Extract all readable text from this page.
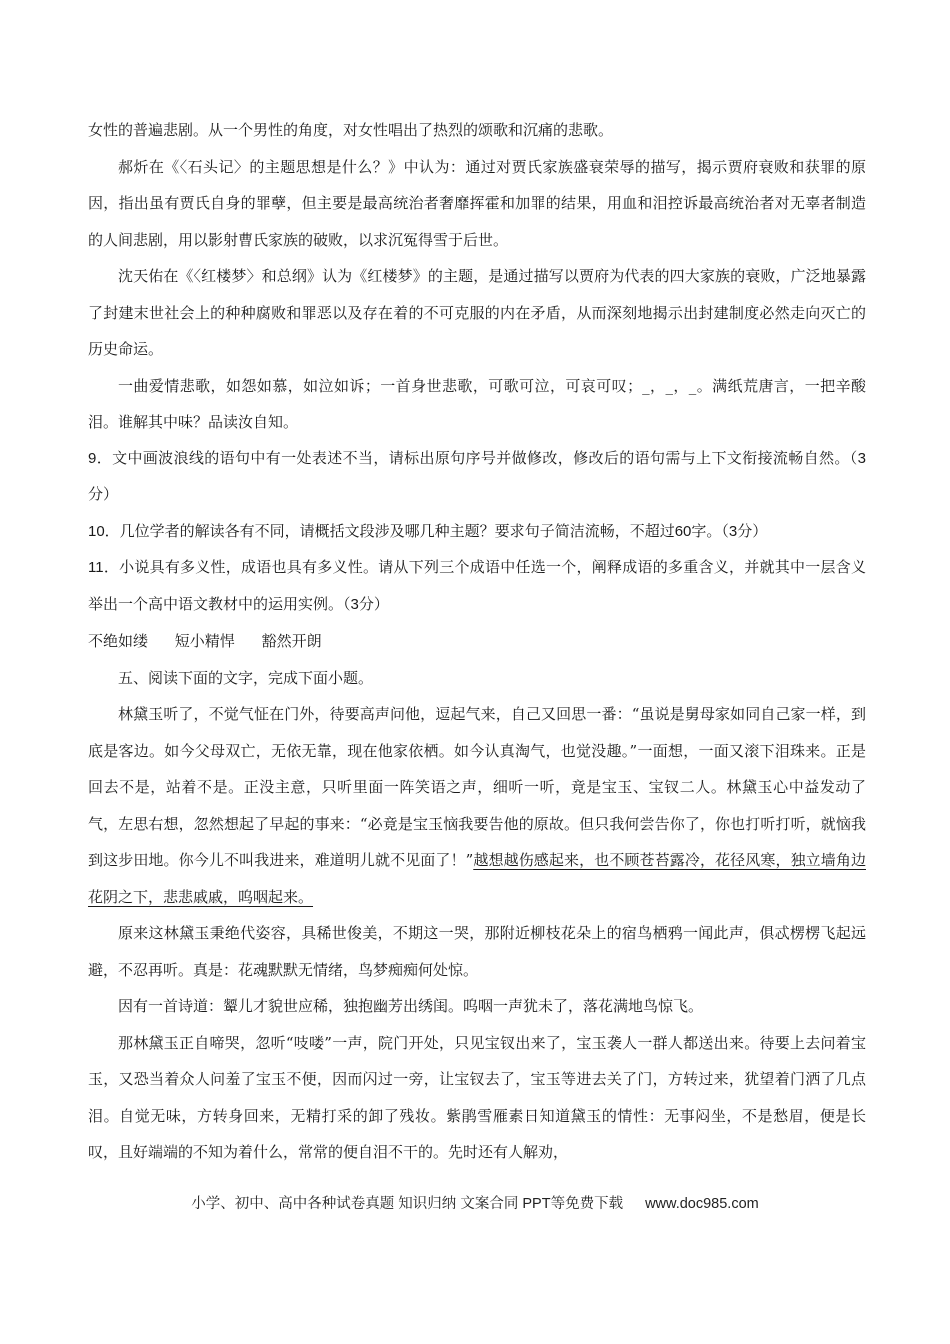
女性的普遍悲剧。从一个男性的角度，对女性唱出了热烈的颂歌和沉痛的悲歌。

郝炘在《〈石头记〉的主题思想是什么？》中认为：通过对贾氏家族盛衰荣辱的描写，揭示贾府衰败和获罪的原因，指出虽有贾氏自身的罪孽，但主要是最高统治者奢靡挥霍和加罪的结果，用血和泪控诉最高统治者对无辜者制造的人间悲剧，用以影射曹氏家族的破败，以求沉冤得雪于后世。

沈天佑在《〈红楼梦〉和总纲》认为《红楼梦》的主题，是通过描写以贾府为代表的四大家族的衰败，广泛地暴露了封建末世社会上的种种腐败和罪恶以及存在着的不可克服的内在矛盾，从而深刻地揭示出封建制度必然走向灭亡的历史命运。

一曲爱情悲歌，如怨如慕，如泣如诉；一首身世悲歌，可歌可泣，可哀可叹；_，_，_。满纸荒唐言，一把辛酸泪。谁解其中味？品读汝自知。

9．文中画波浪线的语句中有一处表述不当，请标出原句序号并做修改，修改后的语句需与上下文衔接流畅自然。（3分）

10．几位学者的解读各有不同，请概括文段涉及哪几种主题？要求句子简洁流畅，不超过60字。（3分）

11．小说具有多义性，成语也具有多义性。请从下列三个成语中任选一个，阐释成语的多重含义，并就其中一层含义举出一个高中语文教材中的运用实例。（3分）

不绝如缕 短小精悍 豁然开朗

五、阅读下面的文字，完成下面小题。

林黛玉听了，不觉气怔在门外，待要高声问他，逗起气来，自己又回思一番：“虽说是舅母家如同自己家一样，到底是客边。如今父母双亡，无依无靠，现在他家依栖。如今认真淘气，也觉没趣。”一面想，一面又滚下泪珠来。正是回去不是，站着不是。正没主意，只听里面一阵笑语之声，细听一听，竟是宝玉、宝钗二人。林黛玉心中益发动了气，左思右想，忽然想起了早起的事来：“必竟是宝玉恼我要告他的原故。但只我何尝告你了，你也打听打听，就恼我到这步田地。你今儿不叫我进来，难道明儿就不见面了！”越想越伤感起来，也不顾苍苔露冷，花径风寒，独立墙角边花阴之下，悲悲戚戚，呜咽起来。

原来这林黛玉秉绝代姿容，具稀世俊美，不期这一哭，那附近柳枝花朵上的宿鸟栖鸦一闻此声，俱忒楞楞飞起远避，不忍再听。真是：花魂默默无情绪，鸟梦痴痴何处惊。

因有一首诗道：颦儿才貌世应稀，独抱幽芳出绣闺。呜咽一声犹未了，落花满地鸟惊飞。

那林黛玉正自啼哭，忽听“吱喽”一声，院门开处，只见宝钗出来了，宝玉袭人一群人都送出来。待要上去问着宝玉，又恐当着众人问羞了宝玉不便，因而闪过一旁，让宝钗去了，宝玉等进去关了门，方转过来，犹望着门洒了几点泪。自觉无味，方转身回来，无精打采的卸了残妆。紫鹃雪雁素日知道黛玉的情性：无事闷坐，不是愁眉，便是长叹，且好端端的不知为着什么，常常的便自泪不干的。先时还有人解劝，

小学、初中、高中各种试卷真题 知识归纳 文案合同 PPT等免费下载 www.doc985.com
